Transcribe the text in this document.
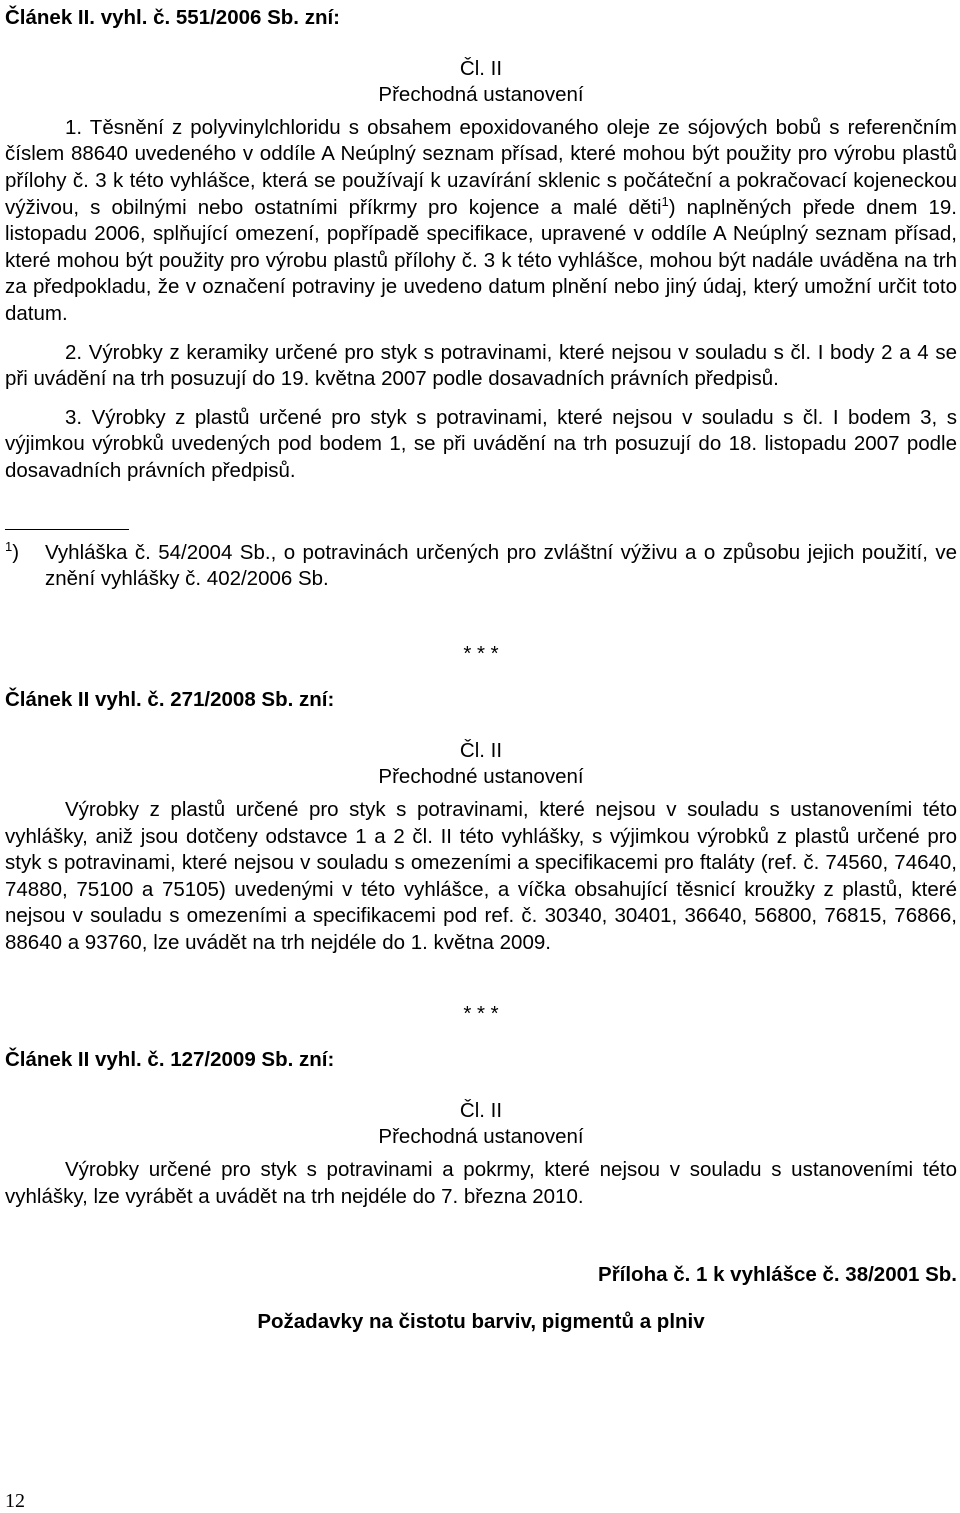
Článek II. vyhl. č. 551/2006 Sb. zní:

Čl. II

Přechodná ustanovení

1. Těsnění z polyvinylchloridu s obsahem epoxidovaného oleje ze sójových bobů s referenčním číslem 88640 uvedeného v oddíle A Neúplný seznam přísad, které mohou být použity pro výrobu plastů přílohy č. 3 k této vyhlášce, která se používají k uzavírání sklenic s počáteční a pokračovací kojeneckou výživou, s obilnými nebo ostatními příkrmy pro kojence a malé děti$^1$) naplněných přede dnem 19. listopadu 2006, splňující omezení, popřípadě specifikace, upravené v oddíle A Neúplný seznam přísad, které mohou být použity pro výrobu plastů přílohy č. 3 k této vyhlášce, mohou být nadále uváděna na trh za předpokladu, že v označení potraviny je uvedeno datum plnění nebo jiný údaj, který umožní určit toto datum.

2. Výrobky z keramiky určené pro styk s potravinami, které nejsou v souladu s čl. I body 2 a 4 se při uvádění na trh posuzují do 19. května 2007 podle dosavadních právních předpisů.

3. Výrobky z plastů určené pro styk s potravinami, které nejsou v souladu s čl. I bodem 3, s výjimkou výrobků uvedených pod bodem 1, se při uvádění na trh posuzují do 18. listopadu 2007 podle dosavadních právních předpisů.

$^1$) Vyhláška č. 54/2004 Sb., o potravinách určených pro zvláštní výživu a o způsobu jejich použití, ve znění vyhlášky č. 402/2006 Sb.

* * *

Článek II vyhl. č. 271/2008 Sb. zní:

Čl. II

Přechodné ustanovení

Výrobky z plastů určené pro styk s potravinami, které nejsou v souladu s ustanoveními této vyhlášky, aniž jsou dotčeny odstavce 1 a 2 čl. II této vyhlášky, s výjimkou výrobků z plastů určené pro styk s potravinami, které nejsou v souladu s omezeními a specifikacemi pro ftaláty (ref. č. 74560, 74640, 74880, 75100 a 75105) uvedenými v této vyhlášce, a víčka obsahující těsnicí kroužky z plastů, které nejsou v souladu s omezeními a specifikacemi pod ref. č. 30340, 30401, 36640, 56800, 76815, 76866, 88640 a 93760, lze uvádět na trh nejdéle do 1. května 2009.

* * *

Článek II vyhl. č. 127/2009 Sb. zní:

Čl. II

Přechodná ustanovení

Výrobky určené pro styk s potravinami a pokrmy, které nejsou v souladu s ustanoveními této vyhlášky, lze vyrábět a uvádět na trh nejdéle do 7. března 2010.

Příloha č. 1 k vyhlášce č. 38/2001 Sb.

Požadavky na čistotu barviv, pigmentů a plniv

12
